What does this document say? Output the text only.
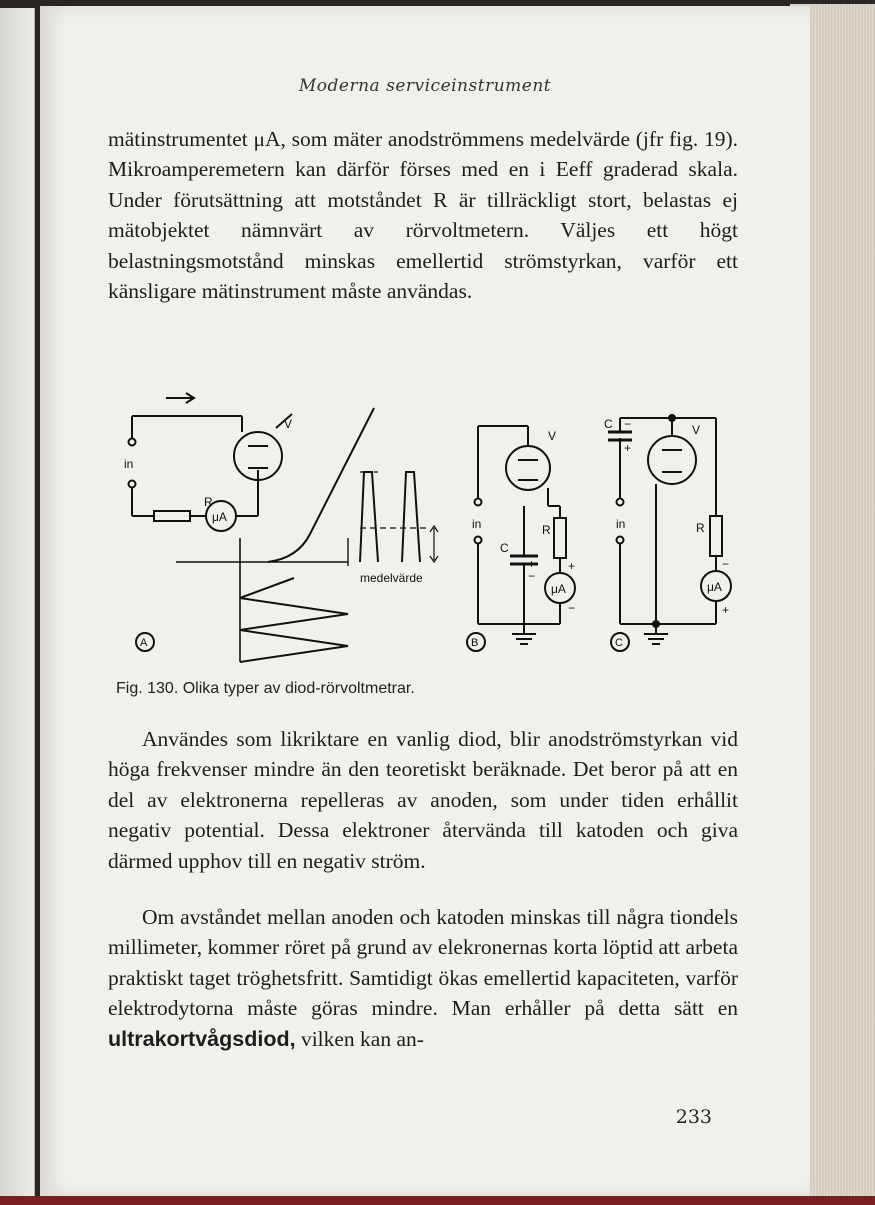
Moderna serviceinstrument

mätinstrumentet μA, som mäter anodströmmens medelvärde (jfr fig. 19). Mikroamperemetern kan därför förses med en i Eeff graderad skala. Under förutsättning att motståndet R är tillräckligt stort, belastas ej mätobjektet nämnvärt av rörvoltmetern. Väljes ett högt belastningsmotstånd minskas emellertid strömstyrkan, varför ett känsligare mätinstrument måste användas.

in
R
μA
V
medelvärde
A
in
V
R
C
+
−
+
−
μA
B
in
C
+
−	V
R
−
+
μA
C
Fig. 130. Olika typer av diod-rörvoltmetrar.

Användes som likriktare en vanlig diod, blir anodströmstyrkan vid höga frekvenser mindre än den teoretiskt beräknade. Det beror på att en del av elektronerna repelleras av anoden, som under tiden erhållit negativ potential. Dessa elektroner återvända till katoden och giva därmed upphov till en negativ ström.

Om avståndet mellan anoden och katoden minskas till några tiondels millimeter, kommer röret på grund av elekronernas korta löptid att arbeta praktiskt taget tröghetsfritt. Samtidigt ökas emellertid kapaciteten, varför elektrodytorna måste göras mindre. Man erhåller på detta sätt en ultrakortvågsdiod, vilken kan an-

233
